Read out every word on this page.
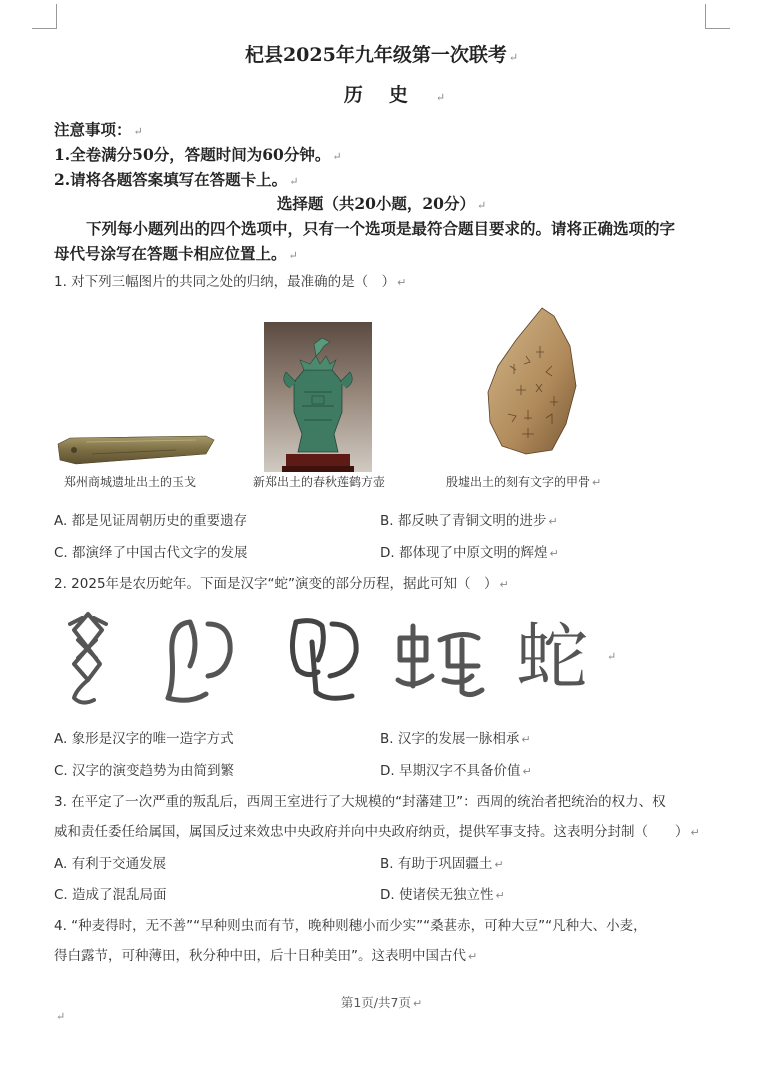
杞县2025年九年级第一次联考 ↵
历史 ↵
注意事项： ↵
1.全卷满分50分，答题时间为60分钟。 ↵
2.请将各题答案填写在答题卡上。 ↵
选择题（共20小题，20分） ↵
下列每小题列出的四个选项中，只有一个选项是最符合题目要求的。请将正确选项的字
母代号涂写在答题卡相应位置上。 ↵
1. 对下列三幅图片的共同之处的归纳，最准确的是（　） ↵
郑州商城遗址出土的玉戈	新郑出土的春秋莲鹤方壶	殷墟出土的刻有文字的甲骨 ↵
A. 都是见证周朝历史的重要遗存	B. 都反映了青铜文明的进步 ↵
C. 都演绎了中国古代文字的发展	D. 都体现了中原文明的辉煌 ↵
2. 2025年是农历蛇年。下面是汉字“蛇”演变的部分历程，据此可知（　） ↵
蛇 ↵
A. 象形是汉字的唯一造字方式	B. 汉字的发展一脉相承 ↵
C. 汉字的演变趋势为由简到繁	D. 早期汉字不具备价值 ↵
3. 在平定了一次严重的叛乱后，西周王室进行了大规模的“封藩建卫”：西周的统治者把统治的权力、权
威和责任委任给属国，属国反过来效忠中央政府并向中央政府纳贡，提供军事支持。这表明分封制（　　） ↵
A. 有利于交通发展	B. 有助于巩固疆土 ↵
C. 造成了混乱局面	D. 使诸侯无独立性 ↵
4. “种麦得时，无不善”“早种则虫而有节，晚种则穗小而少实”“桑葚赤，可种大豆”“凡种大、小麦，
得白露节，可种薄田，秋分种中田，后十日种美田”。这表明中国古代 ↵
第1页/共7页 ↵
↵
